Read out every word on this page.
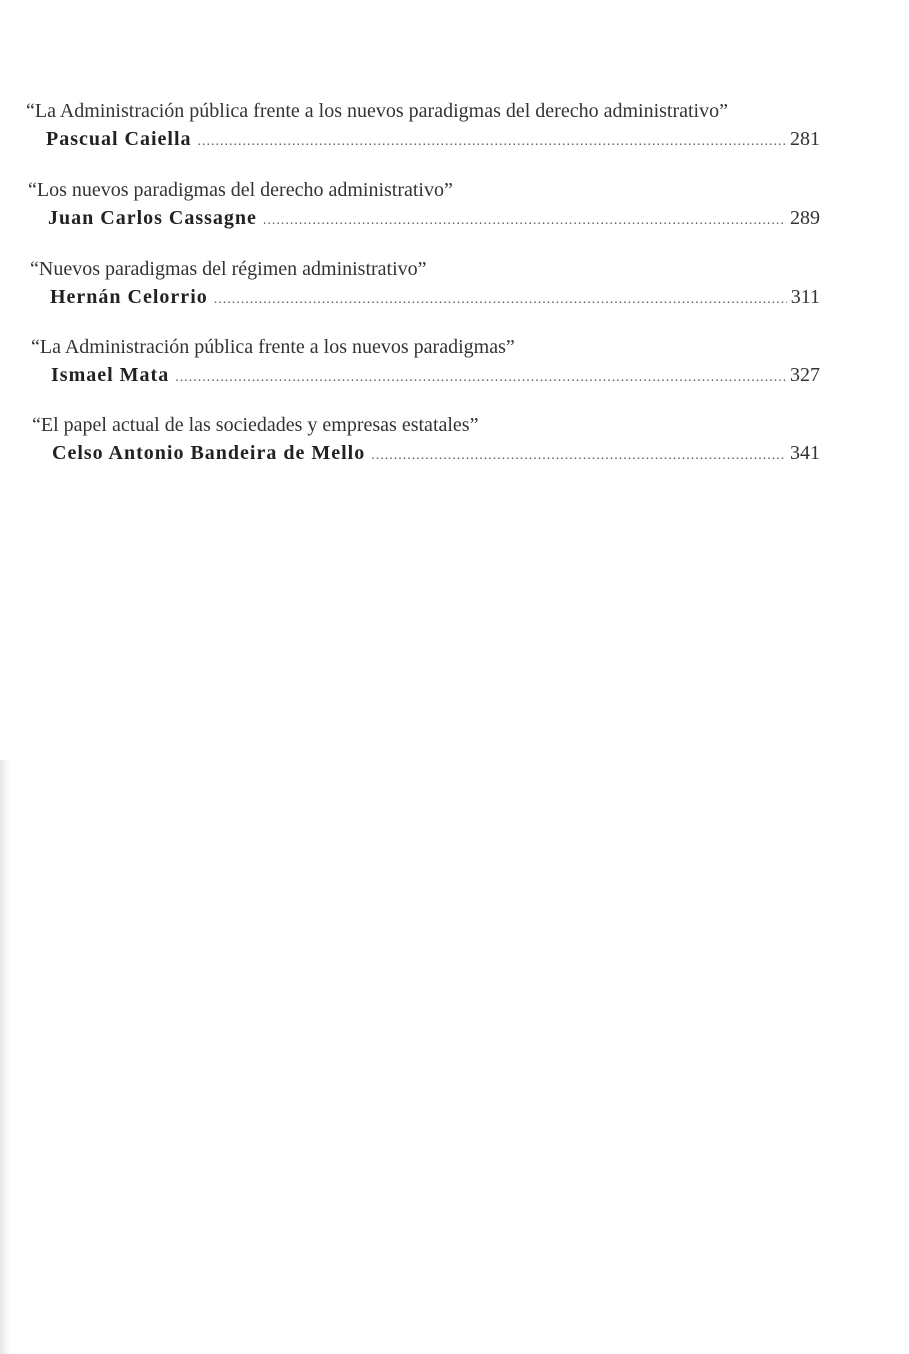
“La Administración pública frente a los nuevos paradigmas del derecho administrativo”
Pascual Caiella .....	281
“Los nuevos paradigmas del derecho administrativo”
Juan Carlos Cassagne .....	289
“Nuevos paradigmas del régimen administrativo”
Hernán Celorrio .....	311
“La Administración pública frente a los nuevos paradigmas”
Ismael Mata .....	327
“El papel actual de las sociedades y empresas estatales”
Celso Antonio Bandeira de Mello .....	341
